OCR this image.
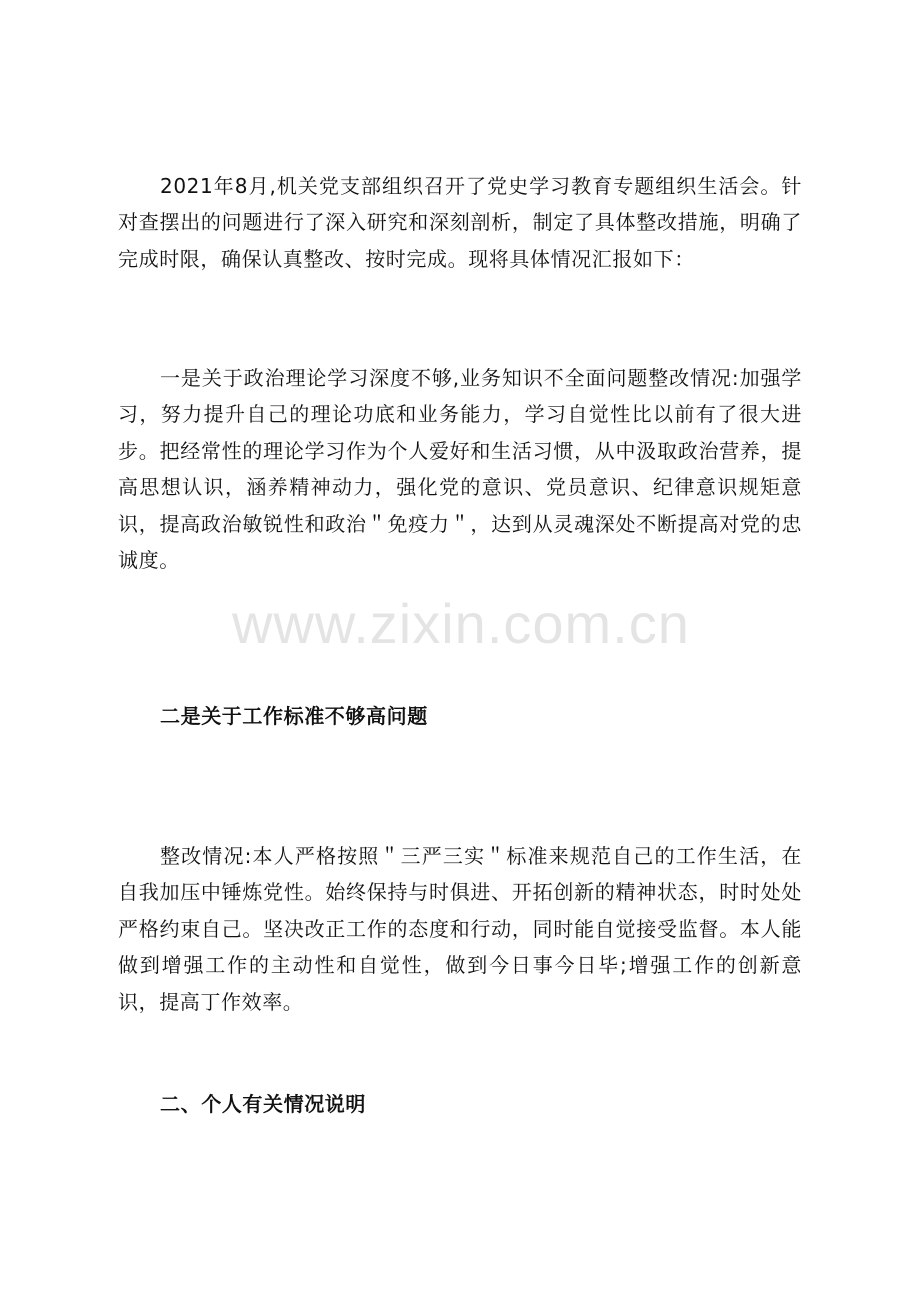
2021年8月,机关党支部组织召开了党史学习教育专题组织生活会。针对查摆出的问题进行了深入研究和深刻剖析，制定了具体整改措施，明确了完成时限，确保认真整改、按时完成。现将具体情况汇报如下：

一是关于政治理论学习深度不够,业务知识不全面问题整改情况:加强学习，努力提升自己的理论功底和业务能力，学习自觉性比以前有了很大进步。把经常性的理论学习作为个人爱好和生活习惯，从中汲取政治营养，提高思想认识，涵养精神动力，强化党的意识、党员意识、纪律意识规矩意识，提高政治敏锐性和政治＂免疫力＂，达到从灵魂深处不断提高对党的忠诚度。

二是关于工作标准不够高问题

整改情况:本人严格按照＂三严三实＂标准来规范自己的工作生活，在自我加压中锤炼党性。始终保持与时俱进、开拓创新的精神状态，时时处处严格约束自己。坚决改正工作的态度和行动，同时能自觉接受监督。本人能做到增强工作的主动性和自觉性，做到今日事今日毕;增强工作的创新意识，提高丁作效率。

二、个人有关情况说明

www.zixin.com.cn
